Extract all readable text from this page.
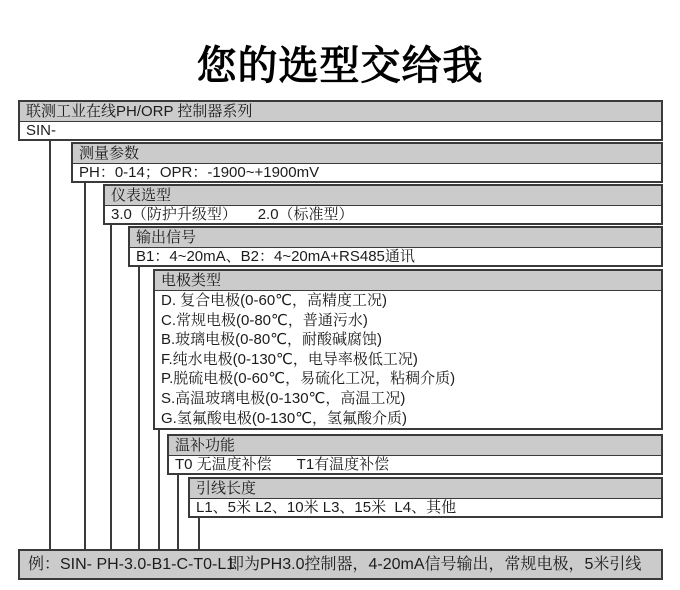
您的选型交给我
联测工业在线PH/ORP 控制器系列
SIN-
测量参数
PH：0-14；OPR：-1900~+1900mV
仪表选型
3.0（防护升级型）     2.0（标准型）
输出信号
B1：4~20mA、B2：4~20mA+RS485通讯
电极类型
D. 复合电极(0-60℃，高精度工况)
C.常规电极(0-80℃，普通污水)
B.玻璃电极(0-80℃，耐酸碱腐蚀)
F.纯水电极(0-130℃，电导率极低工况)
P.脱硫电极(0-60℃，易硫化工况，粘稠介质)
S.高温玻璃电极(0-130℃，高温工况)
G.氢氟酸电极(0-130℃，氢氟酸介质)
温补功能
T0 无温度补偿      T1有温度补偿
引线长度
L1、5米 L2、10米 L3、15米  L4、其他
例：SIN- PH-3.0-B1-C-T0-L1
即为PH3.0控制器，4-20mA信号输出，常规电极，5米引线
